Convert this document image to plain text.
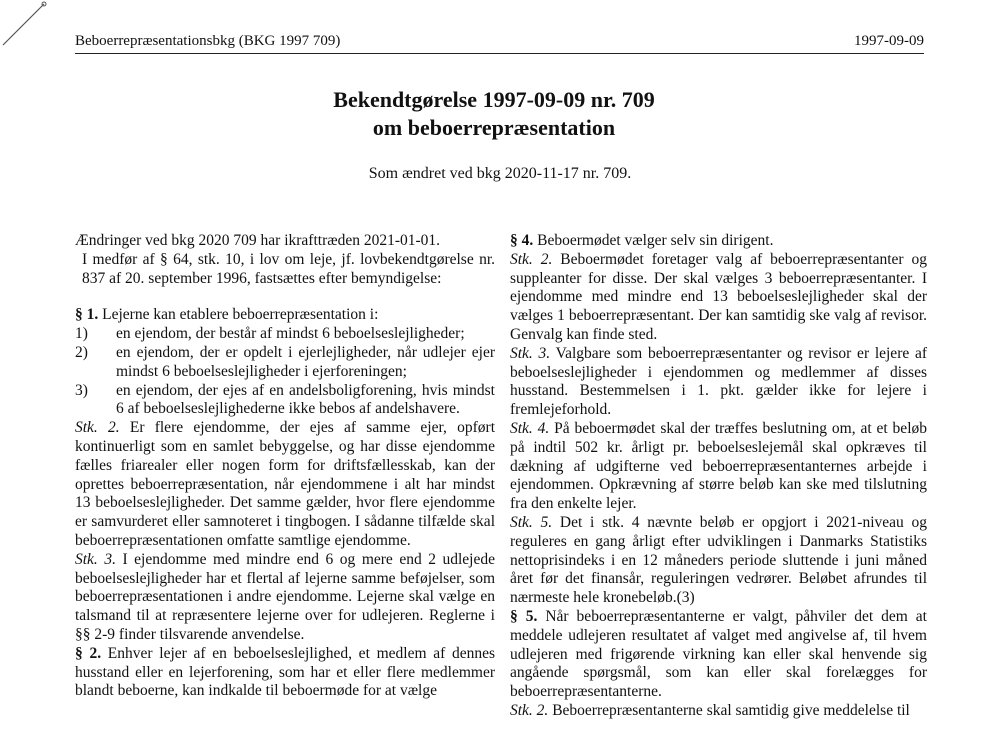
Beboerrepræsentationsbkg (BKG 1997 709)	1997-09-09
Bekendtgørelse 1997-09-09 nr. 709
om beboerrepræsentation
Som ændret ved bkg 2020-11-17 nr. 709.

Ændringer ved bkg 2020 709 har ikrafttræden 2021-01-01.

I medfør af § 64, stk. 10, i lov om leje, jf. lovbekendtgørelse nr. 837 af 20. september 1996, fastsættes efter bemyndigelse:

§ 1. Lejerne kan etablere beboerrepræsentation i:

1)	en ejendom, der består af mindst 6 beboelseslejligheder;
2)	en ejendom, der er opdelt i ejerlejligheder, når udlejer ejer mindst 6 beboelseslejligheder i ejerforeningen;
3)	en ejendom, der ejes af en andelsboligforening, hvis mindst 6 af beboelseslejlighederne ikke bebos af andelshavere.

Stk. 2. Er flere ejendomme, der ejes af samme ejer, opført kontinuerligt som en samlet bebyggelse, og har disse ejendomme fælles friarealer eller nogen form for driftsfællesskab, kan der oprettes beboerrepræsentation, når ejendommene i alt har mindst 13 beboelseslejligheder. Det samme gælder, hvor flere ejendomme er samvurderet eller samnoteret i tingbogen. I sådanne tilfælde skal beboerrepræsentationen omfatte samtlige ejendomme.

Stk. 3. I ejendomme med mindre end 6 og mere end 2 udlejede beboelseslejligheder har et flertal af lejerne samme beføjelser, som beboerrepræsentationen i andre ejendomme. Lejerne skal vælge en talsmand til at repræsentere lejerne over for udlejeren. Reglerne i §§ 2-9 finder tilsvarende anvendelse.

§ 2. Enhver lejer af en beboelseslejlighed, et medlem af dennes husstand eller en lejerforening, som har et eller flere medlemmer blandt beboerne, kan indkalde til beboermøde for at vælge

§ 4. Beboermødet vælger selv sin dirigent.

Stk. 2. Beboermødet foretager valg af beboerrepræsentanter og suppleanter for disse. Der skal vælges 3 beboerrepræsentanter. I ejendomme med mindre end 13 beboelseslejligheder skal der vælges 1 beboerrepræsentant. Der kan samtidig ske valg af revisor. Genvalg kan finde sted.

Stk. 3. Valgbare som beboerrepræsentanter og revisor er lejere af beboelseslejligheder i ejendommen og medlemmer af disses husstand. Bestemmelsen i 1. pkt. gælder ikke for lejere i fremlejeforhold.

Stk. 4. På beboermødet skal der træffes beslutning om, at et beløb på indtil 502 kr. årligt pr. beboelseslejemål skal opkræves til dækning af udgifterne ved beboerrepræsentanternes arbejde i ejendommen. Opkrævning af større beløb kan ske med tilslutning fra den enkelte lejer.

Stk. 5. Det i stk. 4 nævnte beløb er opgjort i 2021-niveau og reguleres en gang årligt efter udviklingen i Danmarks Statistiks nettoprisindeks i en 12 måneders periode sluttende i juni måned året før det finansår, reguleringen vedrører. Beløbet afrundes til nærmeste hele kronebeløb.(3)

§ 5. Når beboerrepræsentanterne er valgt, påhviler det dem at meddele udlejeren resultatet af valget med angivelse af, til hvem udlejeren med frigørende virkning kan eller skal henvende sig angående spørgsmål, som kan eller skal forelægges for beboerrepræsentanterne.

Stk. 2. Beboerrepræsentanterne skal samtidig give meddelelse til
